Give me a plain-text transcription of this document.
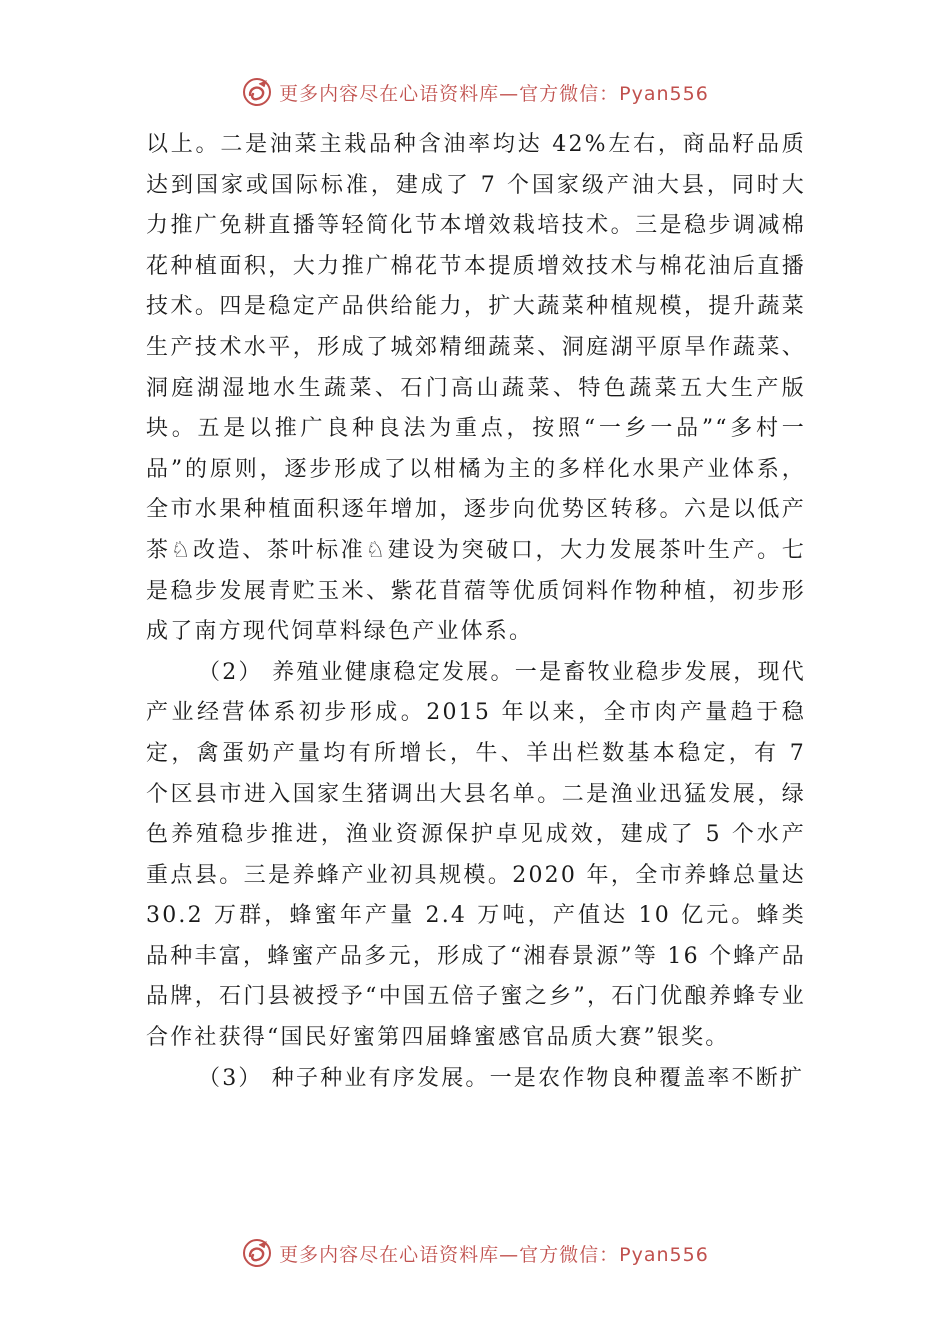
更多内容尽在心语资料库—官方微信：Pyan556

以上。二是油菜主栽品种含油率均达 42%左右，商品籽品质达到国家或国际标准，建成了 7 个国家级产油大县，同时大力推广免耕直播等轻简化节本增效栽培技术。三是稳步调减棉花种植面积，大力推广棉花节本提质增效技术与棉花油后直播技术。四是稳定产品供给能力，扩大蔬菜种植规模，提升蔬菜生产技术水平，形成了城郊精细蔬菜、洞庭湖平原旱作蔬菜、洞庭湖湿地水生蔬菜、石门高山蔬菜、特色蔬菜五大生产版块。五是以推广良种良法为重点，按照“一乡一品”“多村一品”的原则，逐步形成了以柑橘为主的多样化水果产业体系，全市水果种植面积逐年增加，逐步向优势区转移。六是以低产茶♘改造、茶叶标准♘建设为突破口，大力发展茶叶生产。七是稳步发展青贮玉米、紫花苜蓿等优质饲料作物种植，初步形成了南方现代饲草料绿色产业体系。

（2） 养殖业健康稳定发展。一是畜牧业稳步发展，现代产业经营体系初步形成。2015 年以来，全市肉产量趋于稳定，禽蛋奶产量均有所增长，牛、羊出栏数基本稳定，有 7 个区县市进入国家生猪调出大县名单。二是渔业迅猛发展，绿色养殖稳步推进，渔业资源保护卓见成效，建成了 5 个水产重点县。三是养蜂产业初具规模。2020 年，全市养蜂总量达 30.2 万群，蜂蜜年产量 2.4 万吨，产值达 10 亿元。蜂类品种丰富，蜂蜜产品多元，形成了“湘春景源”等 16 个蜂产品品牌，石门县被授予“中国五倍子蜜之乡”，石门优酿养蜂专业合作社获得“国民好蜜第四届蜂蜜感官品质大赛”银奖。

（3） 种子种业有序发展。一是农作物良种覆盖率不断扩

更多内容尽在心语资料库—官方微信：Pyan556
